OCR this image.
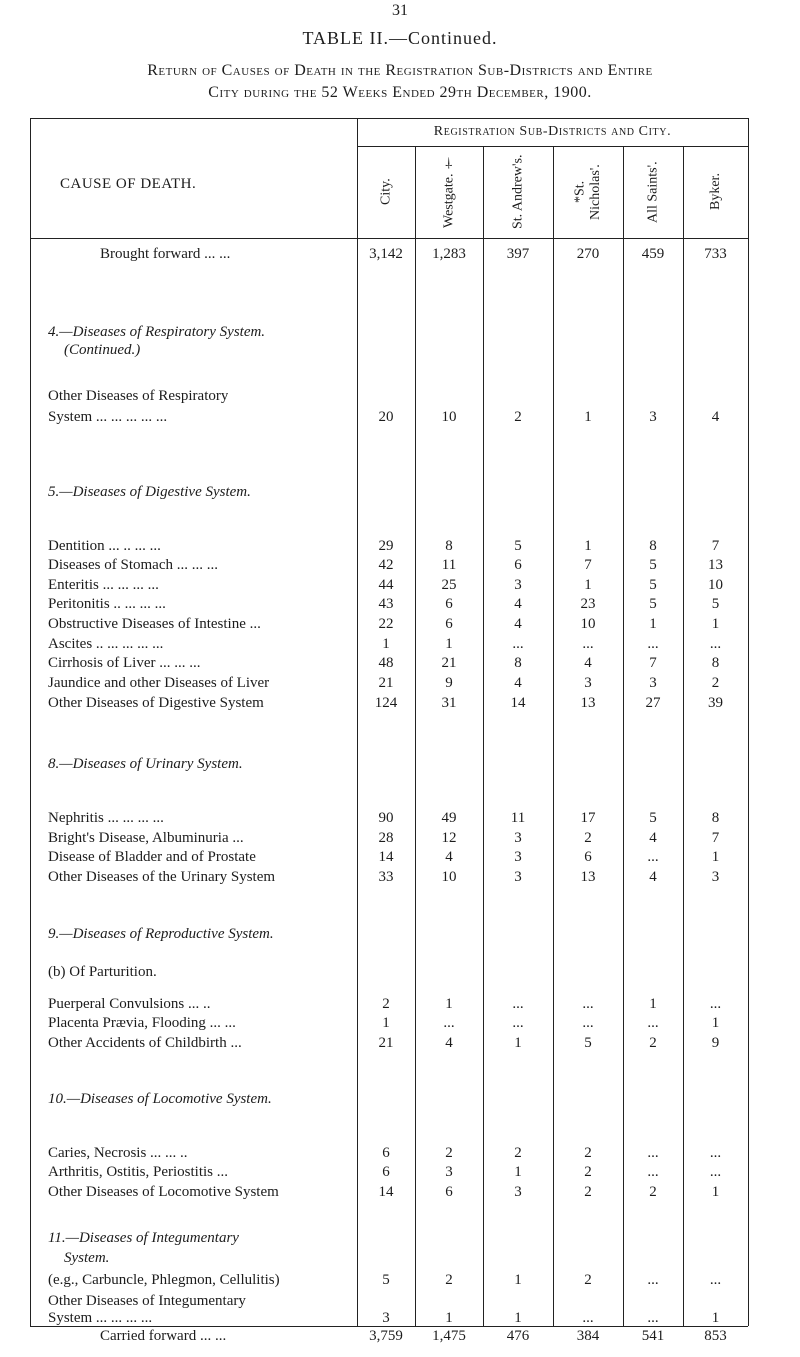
31
TABLE II.—Continued.
Return of Causes of Death in the Registration Sub-Districts and Entire
City during the 52 Weeks Ended 29th December, 1900.
CAUSE OF DEATH.
Registration Sub-Districts and City.
City.	Westgate. †	St. Andrew's.	*St. Nicholas'.	All Saints'.	Byker.
Brought forward ... ...	3,142	1,283	397	270	459	733
4.—Diseases of Respiratory System.
(Continued.)
Other Diseases of Respiratory
System ... ... ... ... ...	20	10	2	1	3	4
5.—Diseases of Digestive System.
Dentition ... .. ... ...	29	8	5	1	8	7
Diseases of Stomach ... ... ...	42	11	6	7	5	13
Enteritis ... ... ... ...	44	25	3	1	5	10
Peritonitis .. ... ... ...	43	6	4	23	5	5
Obstructive Diseases of Intestine ...	22	6	4	10	1	1
Ascites .. ... ... ... ...	1	1	...	...	...	...
Cirrhosis of Liver ... ... ...	48	21	8	4	7	8
Jaundice and other Diseases of Liver	21	9	4	3	3	2
Other Diseases of Digestive System	124	31	14	13	27	39
8.—Diseases of Urinary System.
Nephritis ... ... ... ...	90	49	11	17	5	8
Bright's Disease, Albuminuria ...	28	12	3	2	4	7
Disease of Bladder and of Prostate	14	4	3	6	...	1
Other Diseases of the Urinary System	33	10	3	13	4	3
9.—Diseases of Reproductive System.
(b) Of Parturition.
Puerperal Convulsions ... ..	2	1	...	...	1	...
Placenta Prævia, Flooding ... ...	1	...	...	...	...	1
Other Accidents of Childbirth ...	21	4	1	5	2	9
10.—Diseases of Locomotive System.
Caries, Necrosis ... ... ..	6	2	2	2	...	...
Arthritis, Ostitis, Periostitis ...	6	3	1	2	...	...
Other Diseases of Locomotive System	14	6	3	2	2	1
11.—Diseases of Integumentary
System.
(e.g., Carbuncle, Phlegmon, Cellulitis)	5	2	1	2	...	...
Other Diseases of Integumentary
System ... ... ... ...	3	1	1	...	...	1
Carried forward ... ...	3,759	1,475	476	384	541	853
